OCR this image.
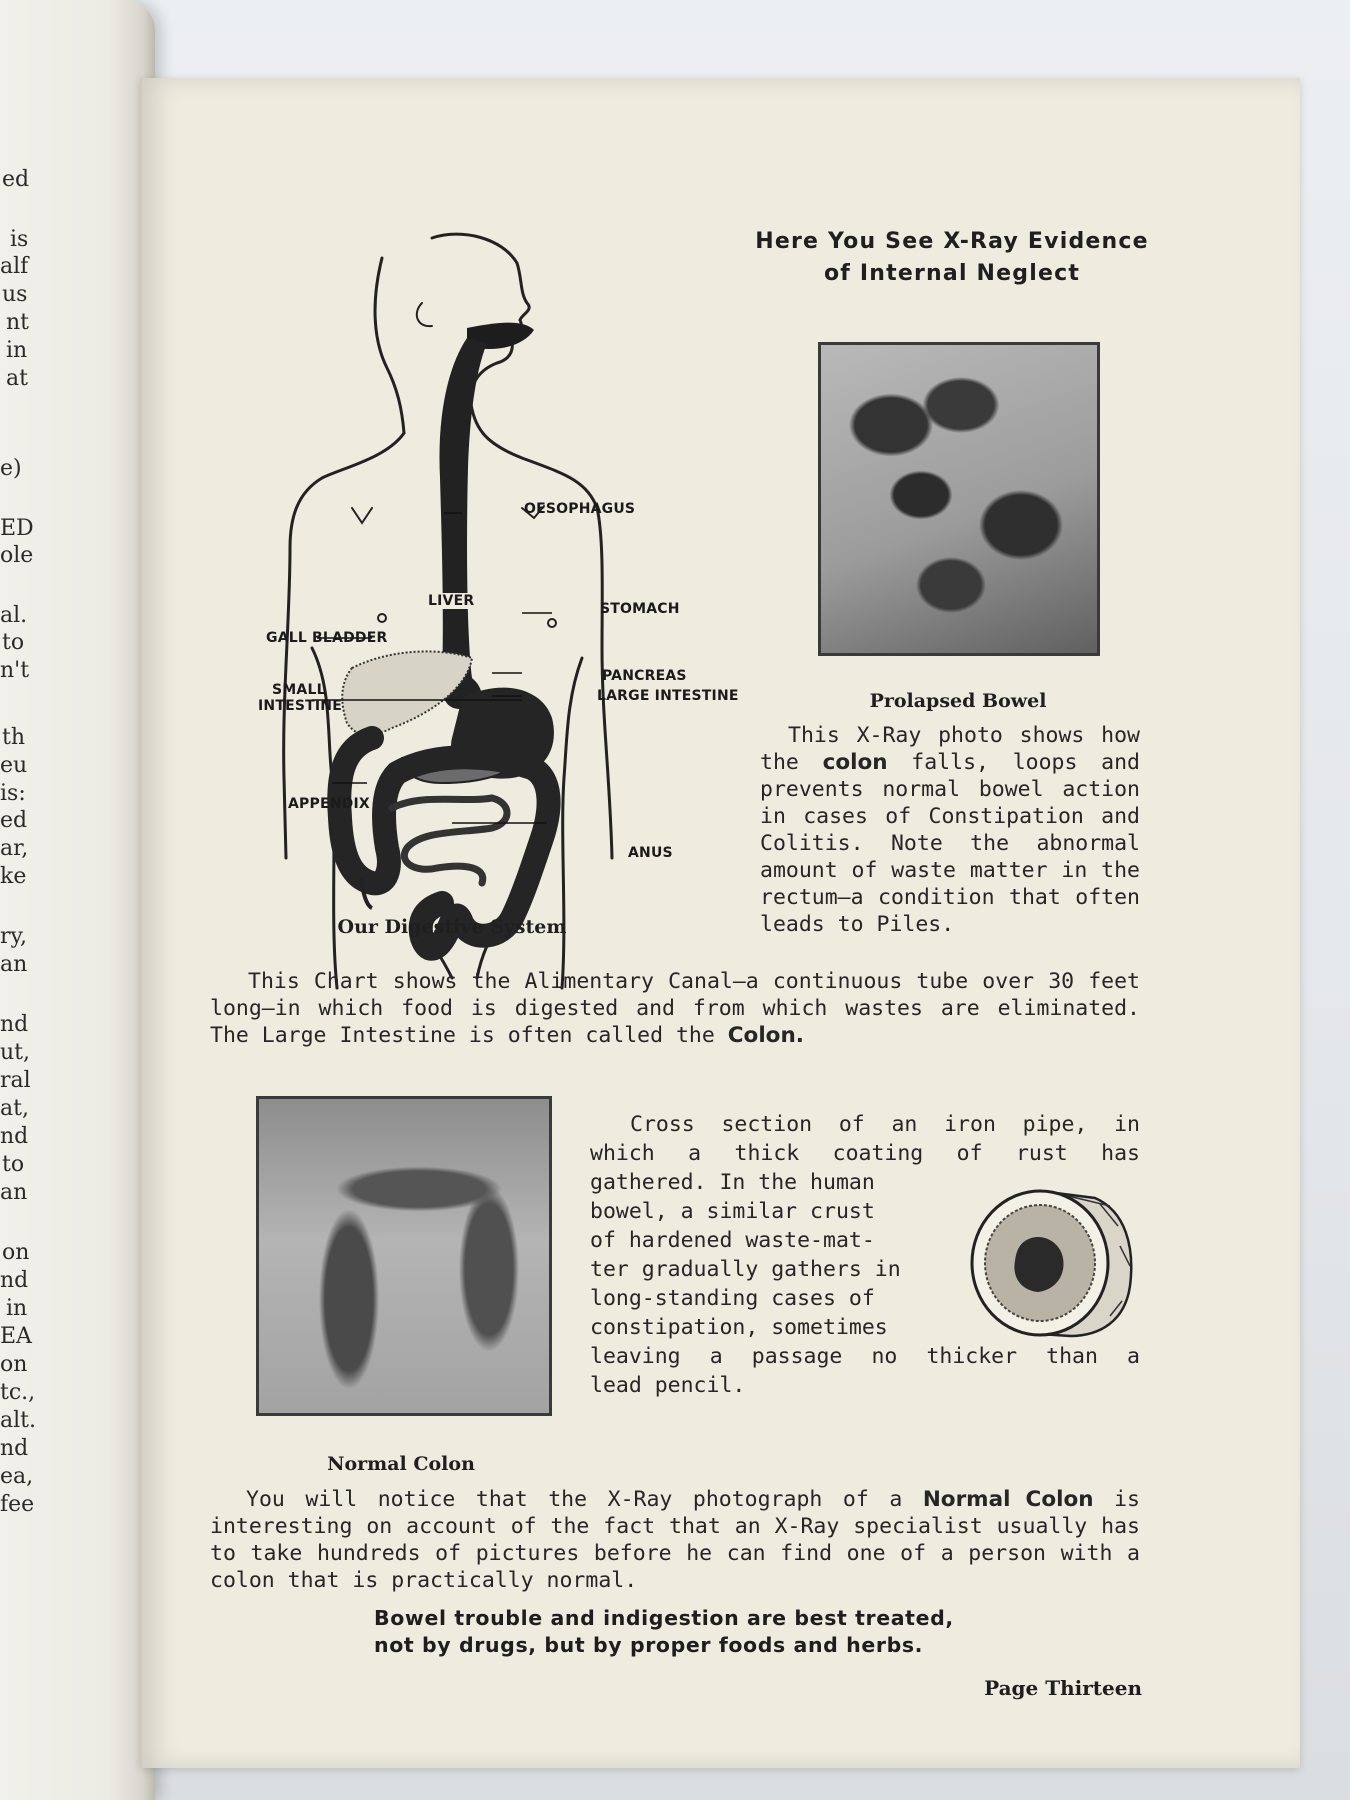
ed
is
alf
us
nt
in
at
e)
ED
ole
al.
to
n't
th
eu
is:
ed
ar,
ke
ry,
an
nd
ut,
ral
at,
nd
to
an
on
nd
in
EA
on
tc.,
alt.
nd
ea,
fee
Here You See X-Ray Evidence
of Internal Neglect
OESOPHAGUS
LIVER	STOMACH
GALL BLADDER
PANCREAS
SMALL
INTESTINE
LARGE INTESTINE
APPENDIX
ANUS
Our Digestive System
Prolapsed Bowel
This X-Ray photo shows how the colon falls, loops and prevents normal bowel action in cases of Constipation and Colitis. Note the abnormal amount of waste matter in the rectum—a condition that often leads to Piles.
This Chart shows the Alimentary Canal—a continuous tube over 30 feet long—in which food is digested and from which wastes are eliminated. The Large Intestine is often called the Colon.
Normal Colon
Cross section of an iron pipe, in
which a thick coating of rust has
gathered. In the human
bowel, a similar crust
of hardened waste-mat-
ter gradually gathers in
long-standing cases of
constipation, sometimes
leaving a passage no thicker than a
lead pencil.
You will notice that the X-Ray photograph of a Normal Colon is interesting on account of the fact that an X-Ray specialist usually has to take hundreds of pictures before he can find one of a person with a colon that is practically normal.
Bowel trouble and indigestion are best treated,
not by drugs, but by proper foods and herbs.
Page Thirteen
